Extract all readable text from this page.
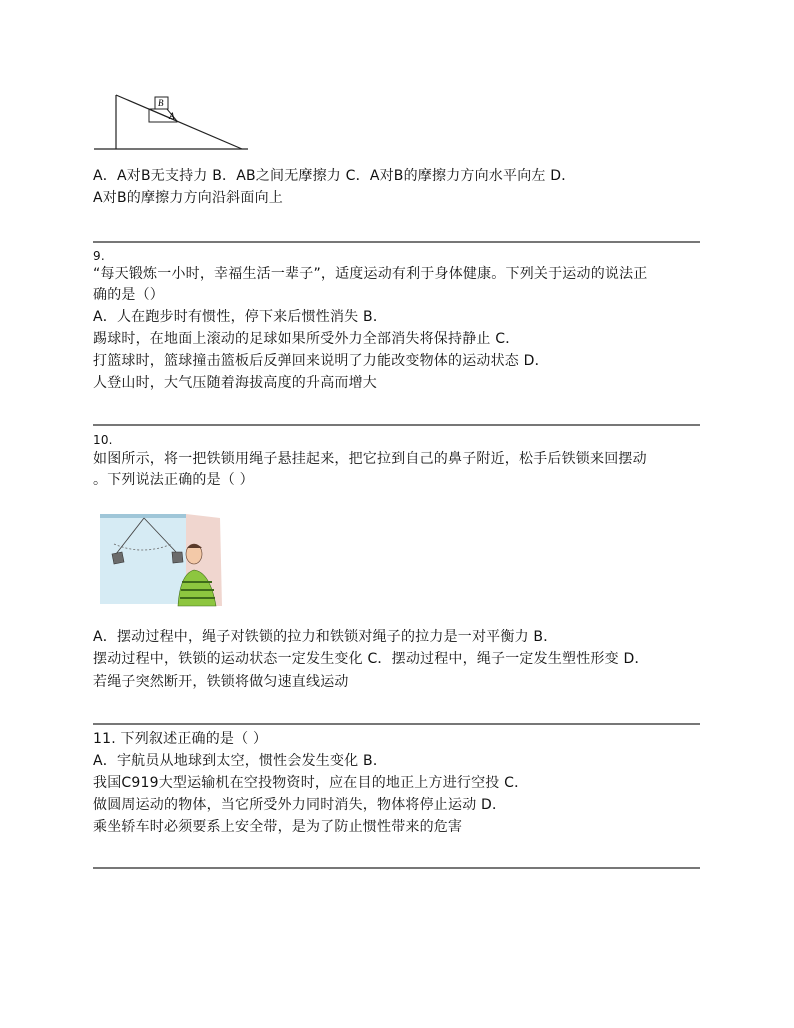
B
A
A．A对B无支持力 B．AB之间无摩擦力 C．A对B的摩擦力方向水平向左 D．
A对B的摩擦力方向沿斜面向上
9.
“每天锻炼一小时，幸福生活一辈子”，适度运动有利于身体健康。下列关于运动的说法正
确的是（）
A．人在跑步时有惯性，停下来后惯性消失 B．
踢球时，在地面上滚动的足球如果所受外力全部消失将保持静止 C．
打篮球时，篮球撞击篮板后反弹回来说明了力能改变物体的运动状态 D．
人登山时，大气压随着海拔高度的升高而增大
10.
如图所示，将一把铁锁用绳子悬挂起来，把它拉到自己的鼻子附近，松手后铁锁来回摆动
。下列说法正确的是（ ）
A．摆动过程中，绳子对铁锁的拉力和铁锁对绳子的拉力是一对平衡力 B．
摆动过程中，铁锁的运动状态一定发生变化 C．摆动过程中，绳子一定发生塑性形变 D．
若绳子突然断开，铁锁将做匀速直线运动
11. 下列叙述正确的是（ ）
A．宇航员从地球到太空，惯性会发生变化 B．
我国C919大型运输机在空投物资时，应在目的地正上方进行空投 C．
做圆周运动的物体，当它所受外力同时消失，物体将停止运动 D．
乘坐轿车时必须要系上安全带，是为了防止惯性带来的危害
